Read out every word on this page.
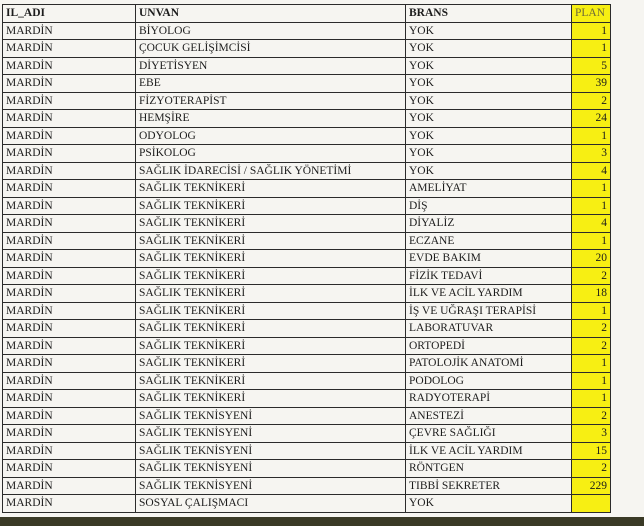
IL_ADI	UNVAN	BRANS	PLAN
MARDİN	BİYOLOG	YOK	1
MARDİN	ÇOCUK GELİŞİMCİSİ	YOK	1
MARDİN	DİYETİSYEN	YOK	5
MARDİN	EBE	YOK	39
MARDİN	FİZYOTERAPİST	YOK	2
MARDİN	HEMŞİRE	YOK	24
MARDİN	ODYOLOG	YOK	1
MARDİN	PSİKOLOG	YOK	3
MARDİN	SAĞLIK İDARECİSİ / SAĞLIK YÖNETİMİ	YOK	4
MARDİN	SAĞLIK TEKNİKERİ	AMELİYAT	1
MARDİN	SAĞLIK TEKNİKERİ	DİŞ	1
MARDİN	SAĞLIK TEKNİKERİ	DİYALİZ	4
MARDİN	SAĞLIK TEKNİKERİ	ECZANE	1
MARDİN	SAĞLIK TEKNİKERİ	EVDE BAKIM	20
MARDİN	SAĞLIK TEKNİKERİ	FİZİK TEDAVİ	2
MARDİN	SAĞLIK TEKNİKERİ	İLK VE ACİL YARDIM	18
MARDİN	SAĞLIK TEKNİKERİ	İŞ VE UĞRAŞI TERAPİSİ	1
MARDİN	SAĞLIK TEKNİKERİ	LABORATUVAR	2
MARDİN	SAĞLIK TEKNİKERİ	ORTOPEDİ	2
MARDİN	SAĞLIK TEKNİKERİ	PATOLOJİK ANATOMİ	1
MARDİN	SAĞLIK TEKNİKERİ	PODOLOG	1
MARDİN	SAĞLIK TEKNİKERİ	RADYOTERAPİ	1
MARDİN	SAĞLIK TEKNİSYENİ	ANESTEZİ	2
MARDİN	SAĞLIK TEKNİSYENİ	ÇEVRE SAĞLIĞI	3
MARDİN	SAĞLIK TEKNİSYENİ	İLK VE ACİL YARDIM	15
MARDİN	SAĞLIK TEKNİSYENİ	RÖNTGEN	2
MARDİN	SAĞLIK TEKNİSYENİ	TIBBİ SEKRETER	229
MARDİN	SOSYAL ÇALIŞMACI	YOK	
